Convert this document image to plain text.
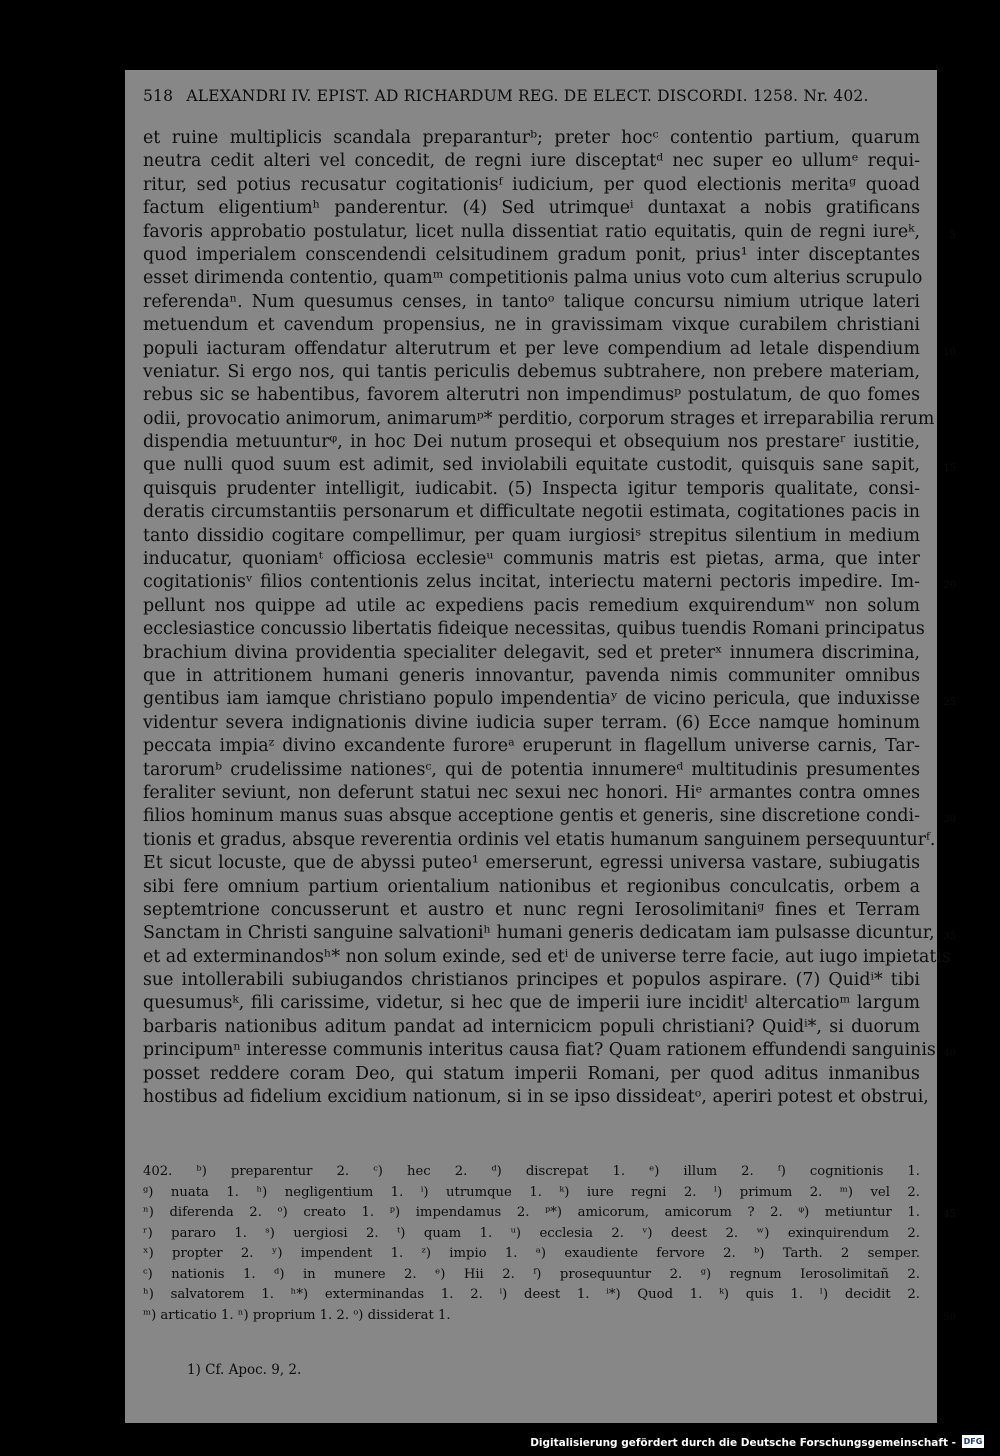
518 ALEXANDRI IV. EPIST. AD RICHARDUM REG. DE ELECT. DISCORDI. 1258. Nr. 402.
et ruine multiplicis scandala preparanturᵇ; preter hocᶜ contentio partium, quarum
neutra cedit alteri vel concedit, de regni iure disceptatᵈ nec super eo ullumᵉ requi-
ritur, sed potius recusatur cogitationisᶠ iudicium, per quod electionis meritaᵍ quoad
factum eligentiumʰ panderentur. (4) Sed utrimqueⁱ duntaxat a nobis gratificans
favoris approbatio postulatur, licet nulla dissentiat ratio equitatis, quin de regni iureᵏ,	5
quod imperialem conscendendi celsitudinem gradum ponit, prius¹ inter disceptantes
esset dirimenda contentio, quamᵐ competitionis palma unius voto cum alterius scrupulo
referendaⁿ. Num quesumus censes, in tantoᵒ talique concursu nimium utrique lateri
metuendum et cavendum propensius, ne in gravissimam vixque curabilem christiani
populi iacturam offendatur alterutrum et per leve compendium ad letale dispendium 10
veniatur. Si ergo nos, qui tantis periculis debemus subtrahere, non prebere materiam,
rebus sic se habentibus, favorem alterutri non impendimusᵖ postulatum, de quo fomes
odii, provocatio animorum, animarumᵖ* perditio, corporum strages et irreparabilia rerum
dispendia metuunturᵠ, in hoc Dei nutum prosequi et obsequium nos prestareʳ iustitie,
que nulli quod suum est adimit, sed inviolabili equitate custodit, quisquis sane sapit, 15
quisquis prudenter intelligit, iudicabit. (5) Inspecta igitur temporis qualitate, consi-
deratis circumstantiis personarum et difficultate negotii estimata, cogitationes pacis in
tanto dissidio cogitare compellimur, per quam iurgiosiˢ strepitus silentium in medium
inducatur, quoniamᵗ officiosa ecclesieᵘ communis matris est pietas, arma, que inter
cogitationisᵛ filios contentionis zelus incitat, interiectu materni pectoris impedire. Im- 20
pellunt nos quippe ad utile ac expediens pacis remedium exquirendumʷ non solum
ecclesiastice concussio libertatis fideique necessitas, quibus tuendis Romani principatus
brachium divina providentia specialiter delegavit, sed et preterˣ innumera discrimina,
que in attritionem humani generis innovantur, pavenda nimis communiter omnibus
gentibus iam iamque christiano populo impendentiaʸ de vicino pericula, que induxisse 25
videntur severa indignationis divine iudicia super terram. (6) Ecce namque hominum
peccata impiaᶻ divino excandente furoreᵃ eruperunt in flagellum universe carnis, Tar-
tarorumᵇ crudelissime nationesᶜ, qui de potentia innumereᵈ multitudinis presumentes
feraliter seviunt, non deferunt statui nec sexui nec honori. Hiᵉ armantes contra omnes
filios hominum manus suas absque acceptione gentis et generis, sine discretione condi- 30
tionis et gradus, absque reverentia ordinis vel etatis humanum sanguinem persequunturᶠ.
Et sicut locuste, que de abyssi puteo¹ emerserunt, egressi universa vastare, subiugatis
sibi fere omnium partium orientalium nationibus et regionibus conculcatis, orbem a
septemtrione concusserunt et austro et nunc regni Ierosolimitaniᵍ fines et Terram
Sanctam in Christi sanguine salvationiʰ humani generis dedicatam iam pulsasse dicuntur, 35
et ad exterminandosʰ* non solum exinde, sed etⁱ de universe terre facie, aut iugo impietatis
sue intollerabili subiugandos christianos principes et populos aspirare. (7) Quidⁱ* tibi
quesumusᵏ, fili carissime, videtur, si hec que de imperii iure inciditˡ altercatioᵐ largum
barbaris nationibus aditum pandat ad internicicm populi christiani? Quidⁱ*, si duorum
principumⁿ interesse communis interitus causa fiat? Quam rationem effundendi sanguinis 40
posset reddere coram Deo, qui statum imperii Romani, per quod aditus inmanibus
hostibus ad fidelium excidium nationum, si in se ipso dissideatᵒ, aperiri potest et obstrui,
402. ᵇ) preparentur 2. ᶜ) hec 2. ᵈ) discrepat 1. ᵉ) illum 2. ᶠ) cognitionis 1.
ᵍ) nuata 1. ʰ) negligentium 1. ⁱ) utrumque 1. ᵏ) iure regni 2. ˡ) primum 2. ᵐ) vel 2.
ⁿ) diferenda 2. ᵒ) creato 1. ᵖ) impendamus 2. ᵖ*) amicorum, amicorum ? 2. ᵠ) metiuntur 1. 45
ʳ) pararo 1. ˢ) uergiosi 2. ᵗ) quam 1. ᵘ) ecclesia 2. ᵛ) deest 2. ʷ) exinquirendum 2.
ˣ) propter 2. ʸ) impendent 1. ᶻ) impio 1. ᵃ) exaudiente fervore 2. ᵇ) Tarth. 2 semper.
ᶜ) nationis 1. ᵈ) in munere 2. ᵉ) Hii 2. ᶠ) prosequuntur 2. ᵍ) regnum Ierosolimitañ 2.
ʰ) salvatorem 1. ʰ*) exterminandas 1. 2. ⁱ) deest 1. ⁱ*) Quod 1. ᵏ) quis 1. ˡ) decidit 2.
ᵐ) articatio 1. ⁿ) proprium 1. 2. ᵒ) dissiderat 1.	50
1) Cf. Apoc. 9, 2.
Digitalisierung gefördert durch die Deutsche Forschungsgemeinschaft - DFG
